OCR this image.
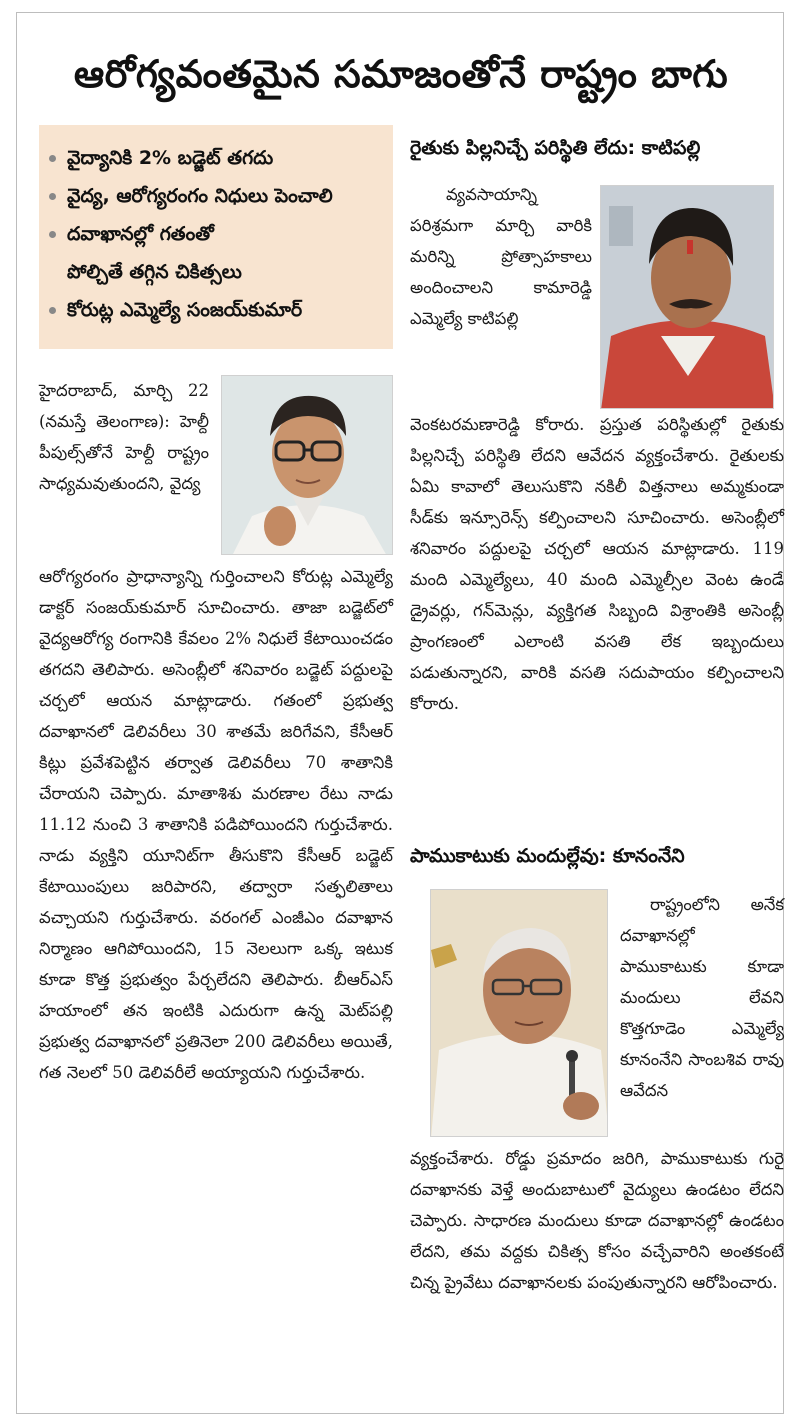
ఆరోగ్యవంతమైన సమాజంతోనే రాష్ట్రం బాగు
వైద్యానికి 2% బడ్జెట్ తగదు
వైద్య, ఆరోగ్యరంగం నిధులు పెంచాలి
దవాఖానల్లో గతంతో
పోల్చితే తగ్గిన చికిత్సలు
కోరుట్ల ఎమ్మెల్యే సంజయ్‌కుమార్
హైదరాబాద్, మార్చి 22 (నమస్తే తెలంగాణ): హెల్దీ పీపుల్స్‌తోనే హెల్దీ రాష్ట్రం సాధ్యమవుతుందని, వైద్య
ఆరోగ్యరంగం ప్రాధాన్యాన్ని గుర్తించాలని కోరుట్ల ఎమ్మెల్యే డాక్టర్ సంజయ్‌కుమార్ సూచించారు. తాజా బడ్జెట్‌లో వైద్యఆరోగ్య రంగానికి కేవలం 2% నిధులే కేటాయించడం తగదని తెలిపారు. అసెంబ్లీలో శనివారం బడ్జెట్ పద్దులపై చర్చలో ఆయన మాట్లాడారు. గతంలో ప్రభుత్వ దవాఖానలో డెలివరీలు 30 శాతమే జరిగేవని, కేసీఆర్ కిట్లు ప్రవేశపెట్టిన తర్వాత డెలివరీలు 70 శాతానికి చేరాయని చెప్పారు. మాతాశిశు మరణాల రేటు నాడు 11.12 నుంచి 3 శాతానికి పడిపోయిందని గుర్తుచేశారు. నాడు వ్యక్తిని యూనిట్‌గా తీసుకొని కేసీఆర్ బడ్జెట్ కేటాయింపులు జరిపారని, తద్వారా సత్ఫలితాలు వచ్చాయని గుర్తుచేశారు. వరంగల్ ఎంజీఎం దవాఖాన నిర్మాణం ఆగిపోయిందని, 15 నెలలుగా ఒక్క ఇటుక కూడా కొత్త ప్రభుత్వం పేర్చలేదని తెలిపారు. బీఆర్‌ఎస్ హయాంలో తన ఇంటికి ఎదురుగా ఉన్న మెట్‌పల్లి ప్రభుత్వ దవాఖానలో ప్రతినెలా 200 డెలివరీలు అయితే, గత నెలలో 50 డెలివరీలే అయ్యాయని గుర్తుచేశారు.
రైతుకు పిల్లనిచ్చే పరిస్థితి లేదు: కాటిపల్లి
వ్యవసాయాన్ని పరిశ్రమగా మార్చి వారికి మరిన్ని ప్రోత్సాహకాలు అందించాలని కామారెడ్డి ఎమ్మెల్యే కాటిపల్లి
వెంకటరమణారెడ్డి కోరారు. ప్రస్తుత పరిస్థితుల్లో రైతుకు పిల్లనిచ్చే పరిస్థితి లేదని ఆవేదన వ్యక్తంచేశారు. రైతులకు ఏమి కావాలో తెలుసుకొని నకిలీ విత్తనాలు అమ్మకుండా సీడ్‌కు ఇన్సూరెన్స్ కల్పించాలని సూచించారు. అసెంబ్లీలో శనివారం పద్దులపై చర్చలో ఆయన మాట్లాడారు. 119 మంది ఎమ్మెల్యేలు, 40 మంది ఎమ్మెల్సీల వెంట ఉండే డ్రైవర్లు, గన్‌మెన్లు, వ్యక్తిగత సిబ్బంది విశ్రాంతికి అసెంబ్లీ ప్రాంగణంలో ఎలాంటి వసతి లేక ఇబ్బందులు పడుతున్నారని, వారికి వసతి సదుపాయం కల్పించాలని కోరారు.
పాముకాటుకు మందుల్లేవు: కూనంనేని
రాష్ట్రంలోని అనేక దవాఖానల్లో పాముకాటుకు కూడా మందులు లేవని కొత్తగూడెం ఎమ్మెల్యే కూనంనేని సాంబశివ రావు ఆవేదన
వ్యక్తంచేశారు. రోడ్డు ప్రమాదం జరిగి, పాముకాటుకు గురై దవాఖానకు వెళ్తే అందుబాటులో వైద్యులు ఉండటం లేదని చెప్పారు. సాధారణ మందులు కూడా దవాఖానల్లో ఉండటం లేదని, తమ వద్దకు చికిత్స కోసం వచ్చేవారిని అంతకంటే చిన్న ప్రైవేటు దవాఖానలకు పంపుతున్నారని ఆరోపించారు.
